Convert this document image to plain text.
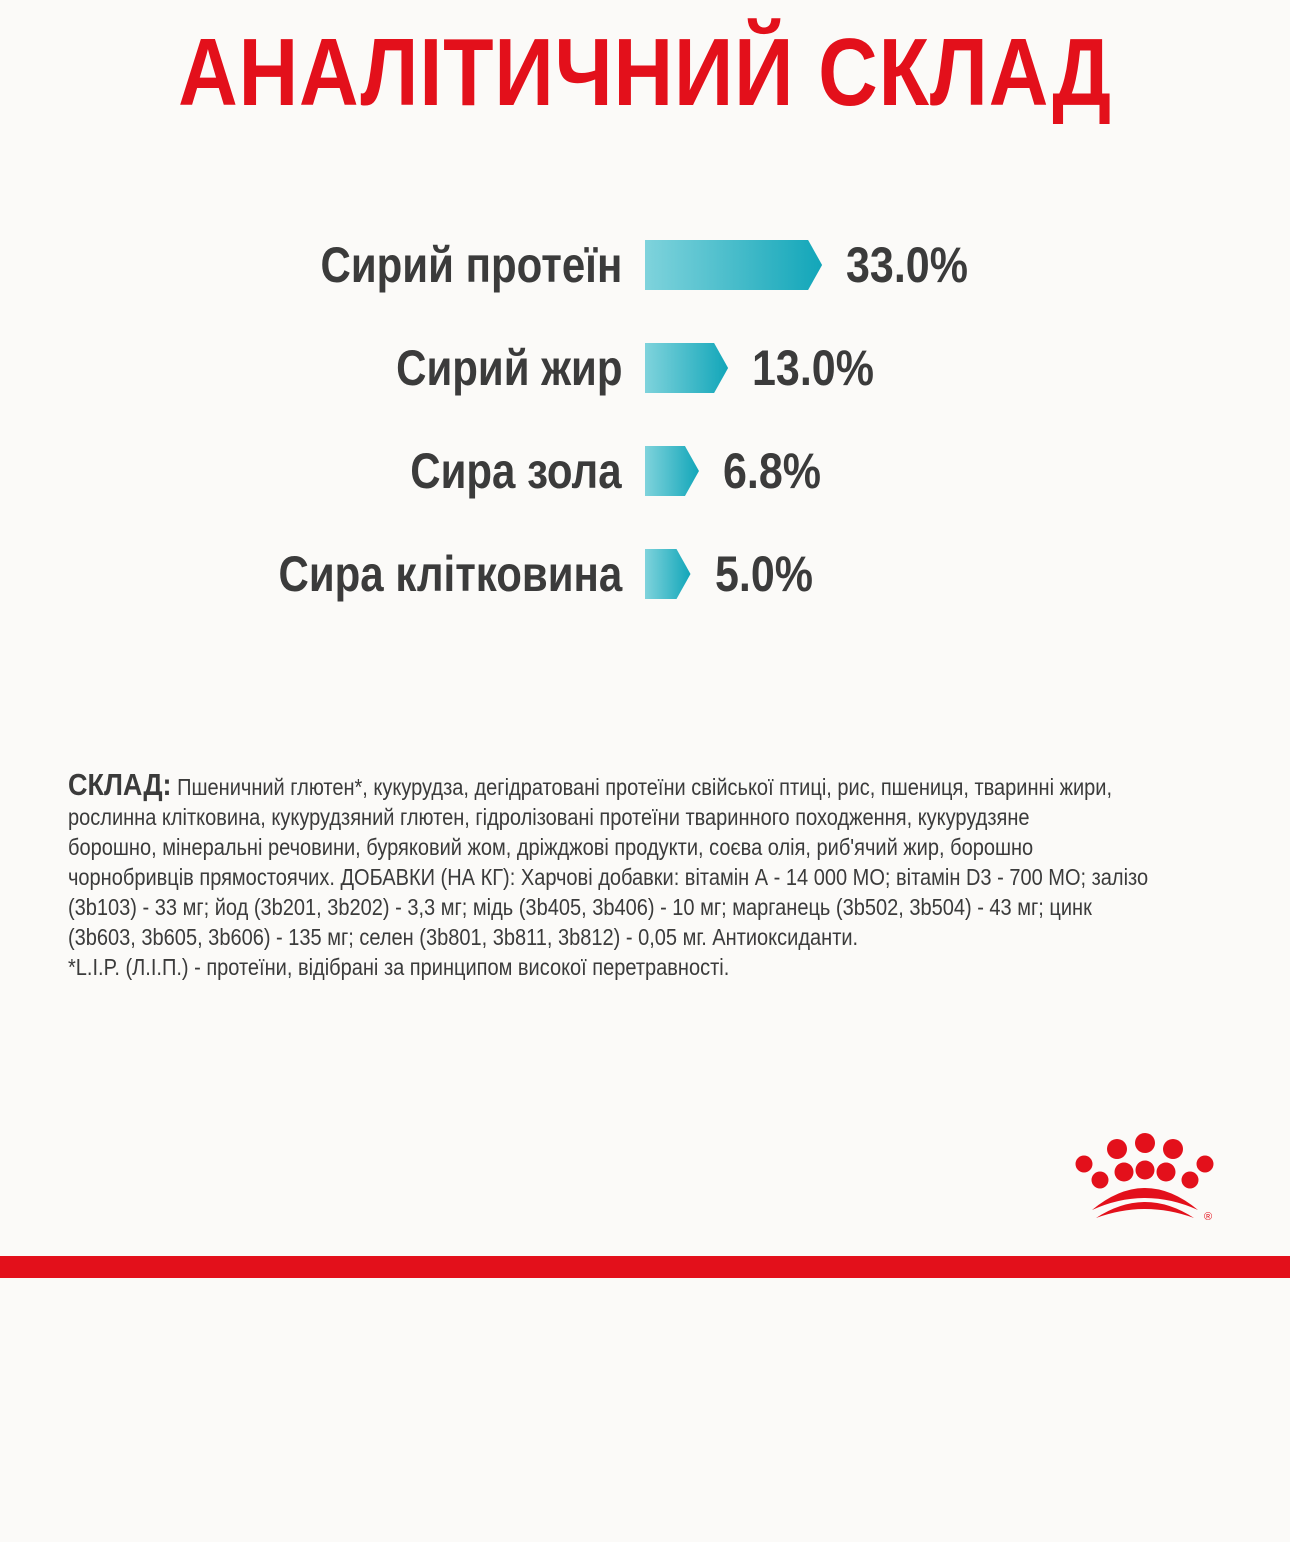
АНАЛІТИЧНИЙ СКЛАД
Сирий протеїн	33.0%
Сирий жир	13.0%
Сира зола 6.8%
Сира клітковина 5.0%

СКЛАД: Пшеничний глютен*, кукурудза, дегідратовані протеїни свійської птиці, рис, пшениця, тваринні жири,
рослинна клітковина, кукурудзяний глютен, гідролізовані протеїни тваринного походження, кукурудзяне
борошно, мінеральні речовини, буряковий жом, дріжджові продукти, соєва олія, риб'ячий жир, борошно
чорнобривців прямостоячих. ДОБАВКИ (НА КГ): Харчові добавки: вітамін А - 14 000 МО; вітамін D3 - 700 МО; залізо
(3b103) - 33 мг; йод (3b201, 3b202) - 3,3 мг; мідь (3b405, 3b406) - 10 мг; марганець (3b502, 3b504) - 43 мг; цинк
(3b603, 3b605, 3b606) - 135 мг; селен (3b801, 3b811, 3b812) - 0,05 мг. Антиоксиданти.
*L.I.P. (Л.І.П.) - протеїни, відібрані за принципом високої перетравності.

®
